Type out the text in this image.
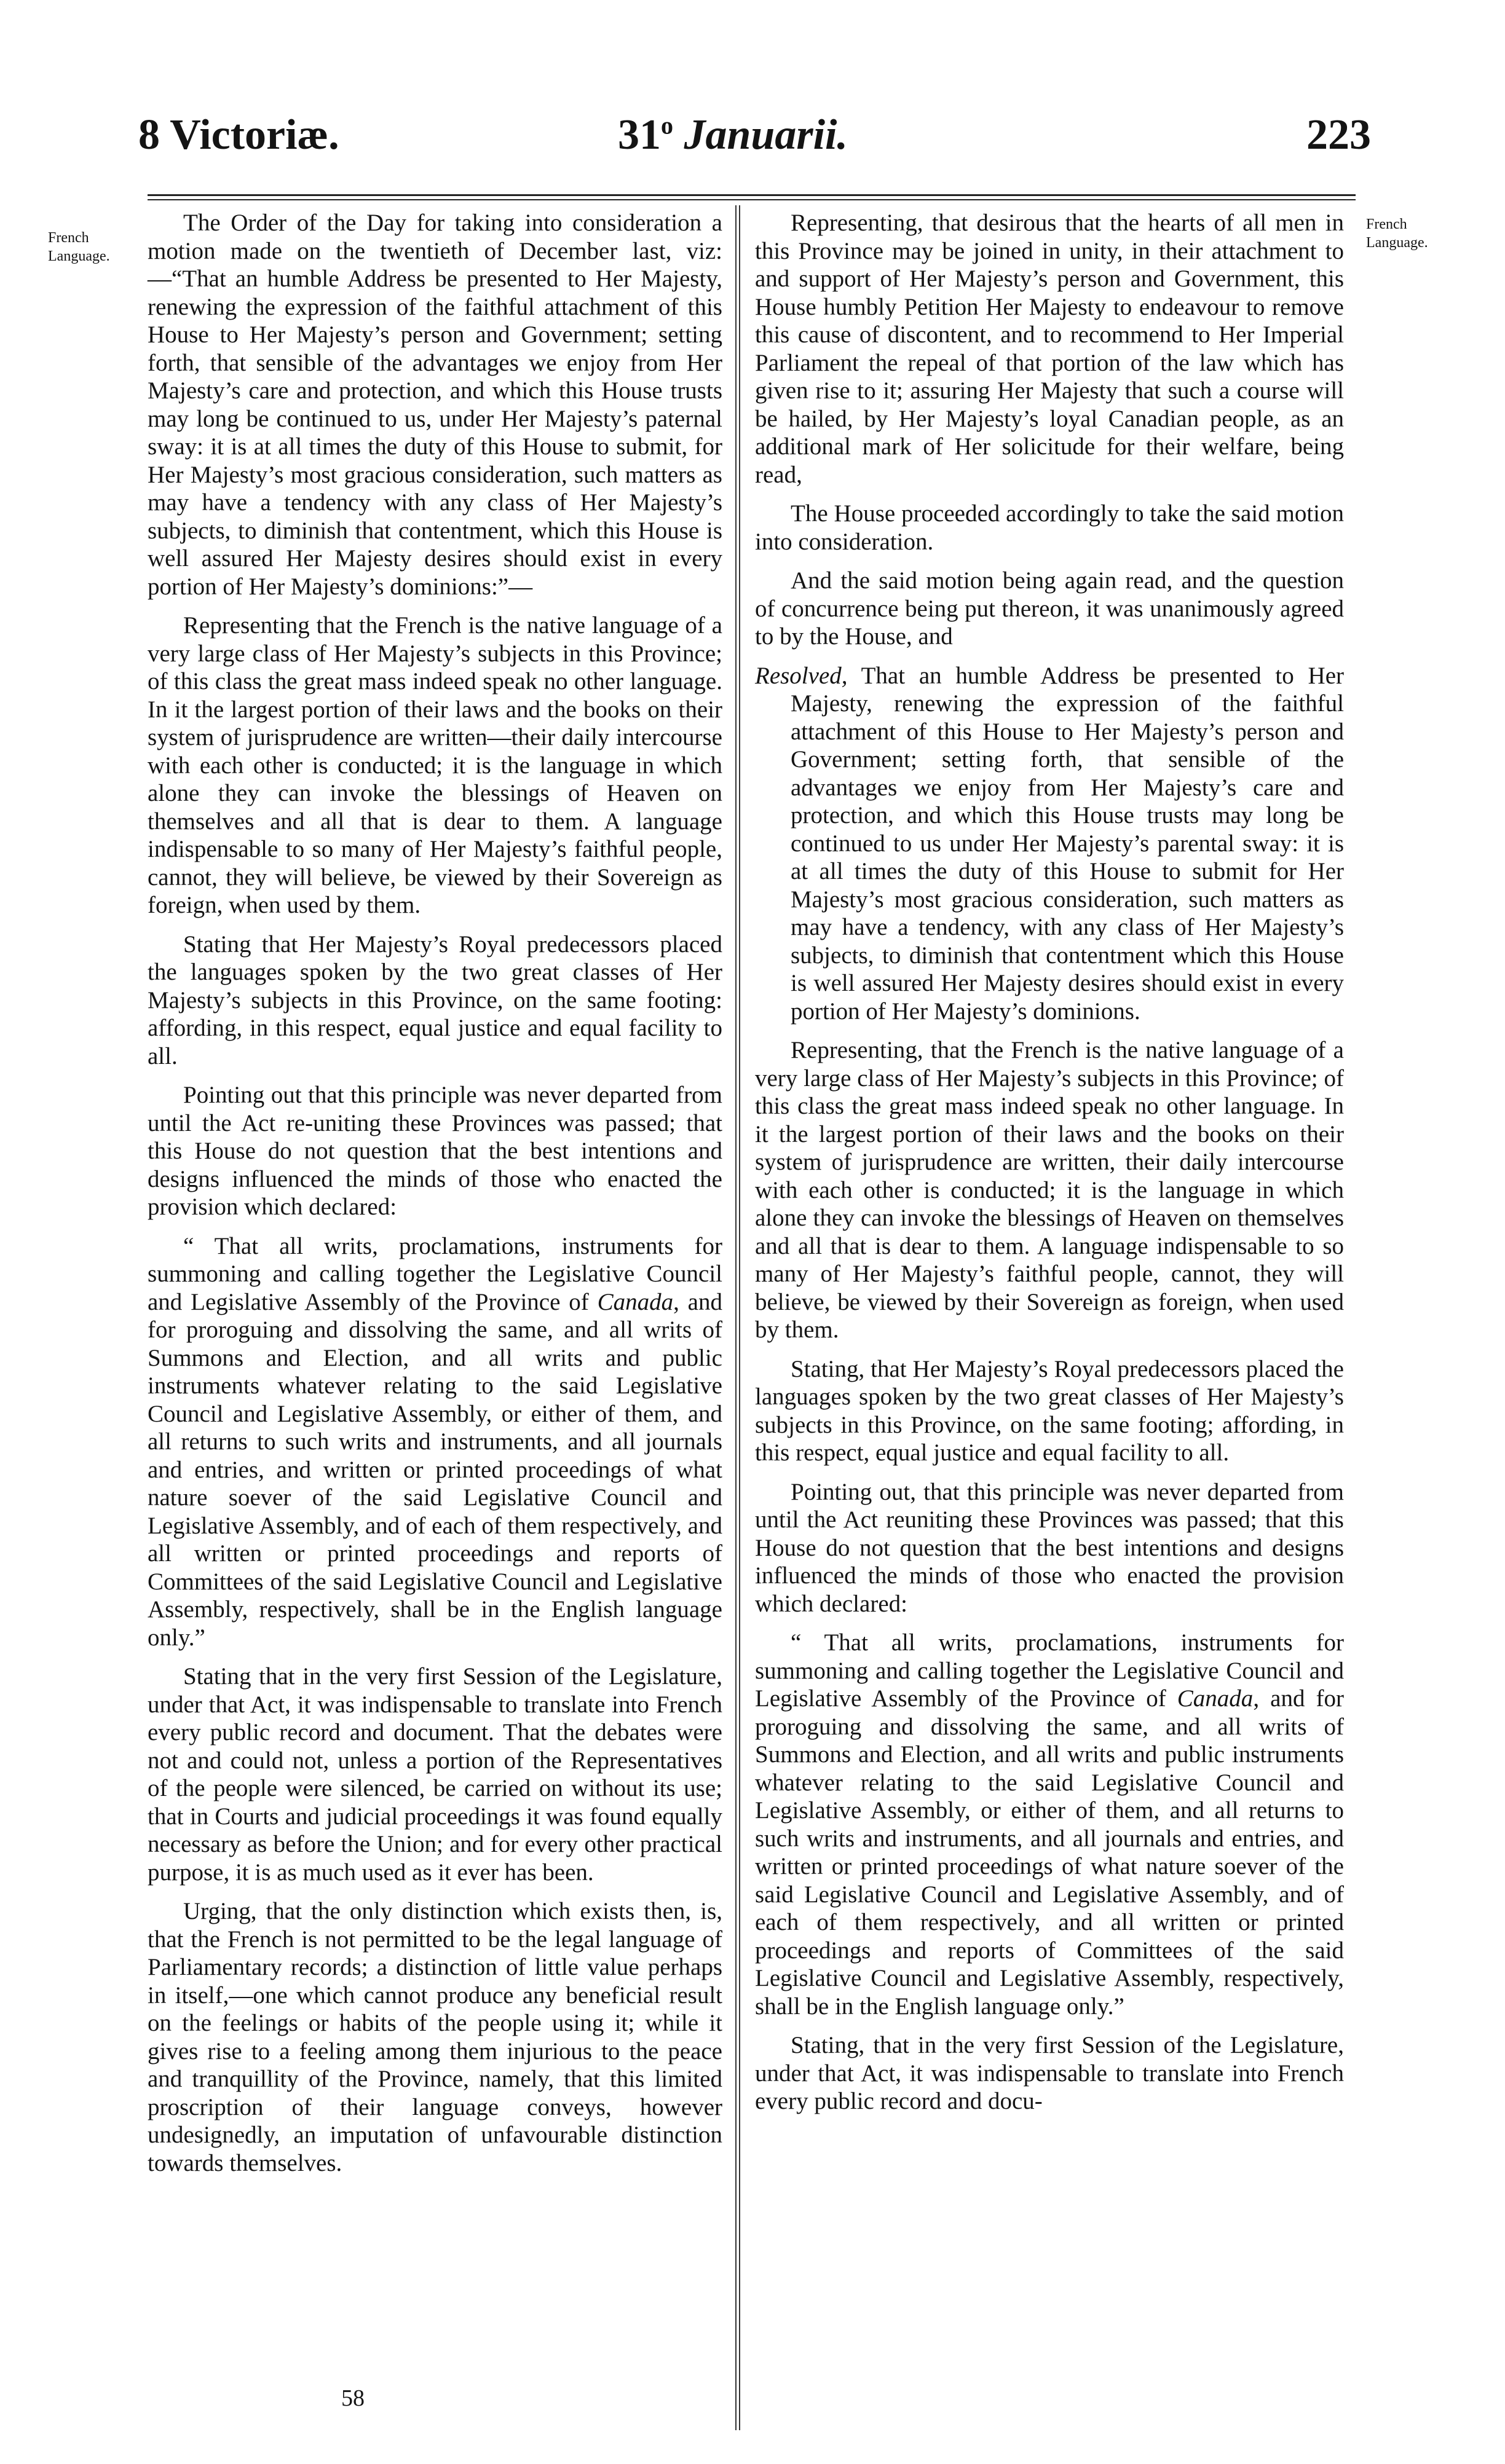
8 Victoriæ.	31$^o$ Januarii.	223
French Language.
French Language.

The Order of the Day for taking into consideration a motion made on the twentieth of December last, viz:—“That an humble Address be presented to Her Majesty, renewing the expression of the faithful attachment of this House to Her Majesty’s person and Government; setting forth, that sensible of the advantages we enjoy from Her Majesty’s care and protection, and which this House trusts may long be continued to us, under Her Majesty’s paternal sway: it is at all times the duty of this House to submit, for Her Majesty’s most gracious consideration, such matters as may have a tendency with any class of Her Majesty’s subjects, to diminish that contentment, which this House is well assured Her Majesty desires should exist in every portion of Her Majesty’s dominions:”—

Representing that the French is the native language of a very large class of Her Majesty’s subjects in this Province; of this class the great mass indeed speak no other language. In it the largest portion of their laws and the books on their system of jurisprudence are written—their daily intercourse with each other is conducted; it is the language in which alone they can invoke the blessings of Heaven on themselves and all that is dear to them. A language indispensable to so many of Her Majesty’s faithful people, cannot, they will believe, be viewed by their Sovereign as foreign, when used by them.

Stating that Her Majesty’s Royal predecessors placed the languages spoken by the two great classes of Her Majesty’s subjects in this Province, on the same footing: affording, in this respect, equal justice and equal facility to all.

Pointing out that this principle was never departed from until the Act re-uniting these Provinces was passed; that this House do not question that the best intentions and designs influenced the minds of those who enacted the provision which declared:

“ That all writs, proclamations, instruments for summoning and calling together the Legislative Council and Legislative Assembly of the Province of Canada, and for proroguing and dissolving the same, and all writs of Summons and Election, and all writs and public instruments whatever relating to the said Legislative Council and Legislative Assembly, or either of them, and all returns to such writs and instruments, and all journals and entries, and written or printed proceedings of what nature soever of the said Legislative Council and Legislative Assembly, and of each of them respectively, and all written or printed proceedings and reports of Committees of the said Legislative Council and Legislative Assembly, respectively, shall be in the English language only.”

Stating that in the very first Session of the Legislature, under that Act, it was indispensable to translate into French every public record and document. That the debates were not and could not, unless a portion of the Representatives of the people were silenced, be carried on without its use; that in Courts and judicial proceedings it was found equally necessary as before the Union; and for every other practical purpose, it is as much used as it ever has been.

Urging, that the only distinction which exists then, is, that the French is not permitted to be the legal language of Parliamentary records; a distinction of little value perhaps in itself,—one which cannot produce any beneficial result on the feelings or habits of the people using it; while it gives rise to a feeling among them injurious to the peace and tranquillity of the Province, namely, that this limited proscription of their language conveys, however undesignedly, an imputation of unfavourable distinction towards themselves.

Representing, that desirous that the hearts of all men in this Province may be joined in unity, in their attachment to and support of Her Majesty’s person and Government, this House humbly Petition Her Majesty to endeavour to remove this cause of discontent, and to recommend to Her Imperial Parliament the repeal of that portion of the law which has given rise to it; assuring Her Majesty that such a course will be hailed, by Her Majesty’s loyal Canadian people, as an additional mark of Her solicitude for their welfare, being read,

The House proceeded accordingly to take the said motion into consideration.

And the said motion being again read, and the question of concurrence being put thereon, it was unanimously agreed to by the House, and

Resolved, That an humble Address be presented to Her Majesty, renewing the expression of the faithful attachment of this House to Her Majesty’s person and Government; setting forth, that sensible of the advantages we enjoy from Her Majesty’s care and protection, and which this House trusts may long be continued to us under Her Majesty’s parental sway: it is at all times the duty of this House to submit for Her Majesty’s most gracious consideration, such matters as may have a tendency, with any class of Her Majesty’s subjects, to diminish that contentment which this House is well assured Her Majesty desires should exist in every portion of Her Majesty’s dominions.

Representing, that the French is the native language of a very large class of Her Majesty’s subjects in this Province; of this class the great mass indeed speak no other language. In it the largest portion of their laws and the books on their system of jurisprudence are written, their daily intercourse with each other is conducted; it is the language in which alone they can invoke the blessings of Heaven on themselves and all that is dear to them. A language indispensable to so many of Her Majesty’s faithful people, cannot, they will believe, be viewed by their Sovereign as foreign, when used by them.

Stating, that Her Majesty’s Royal predecessors placed the languages spoken by the two great classes of Her Majesty’s subjects in this Province, on the same footing; affording, in this respect, equal justice and equal facility to all.

Pointing out, that this principle was never departed from until the Act reuniting these Provinces was passed; that this House do not question that the best intentions and designs influenced the minds of those who enacted the provision which declared:

“ That all writs, proclamations, instruments for summoning and calling together the Legislative Council and Legislative Assembly of the Province of Canada, and for proroguing and dissolving the same, and all writs of Summons and Election, and all writs and public instruments whatever relating to the said Legislative Council and Legislative Assembly, or either of them, and all returns to such writs and instruments, and all journals and entries, and written or printed proceedings of what nature soever of the said Legislative Council and Legislative Assembly, and of each of them respectively, and all written or printed proceedings and reports of Committees of the said Legislative Council and Legislative Assembly, respectively, shall be in the English language only.”

Stating, that in the very first Session of the Legislature, under that Act, it was indispensable to translate into French every public record and docu-

58
